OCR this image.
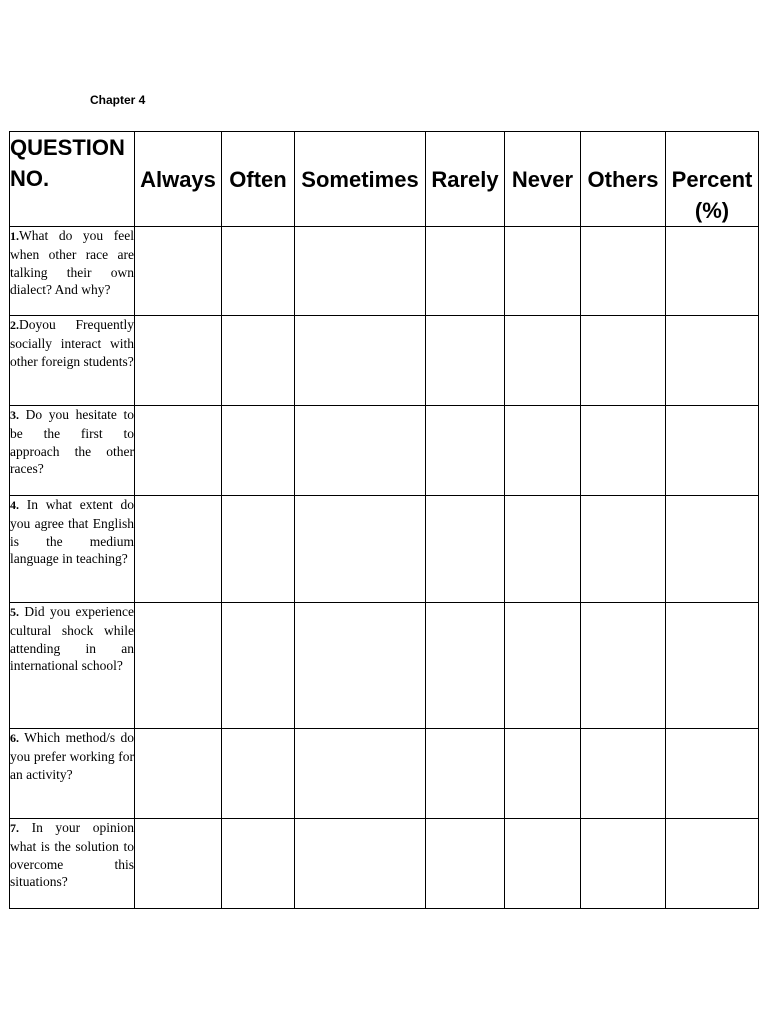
Chapter 4
QUESTION NO.	Always	Often	Sometimes	Rarely	Never	Others	Percent (%)

1.What do you feel when other race are talking their own dialect? And why?							
2.Doyou Frequently socially interact with other foreign students?							
3. Do you hesitate to be the first to approach the other races?							
4. In what extent do you agree that English is the medium language in teaching?							
5. Did you experience cultural shock while attending in an international school?							
6. Which method/s do you prefer working for an activity?							
7. In your opinion what is the solution to overcome this situations?							
